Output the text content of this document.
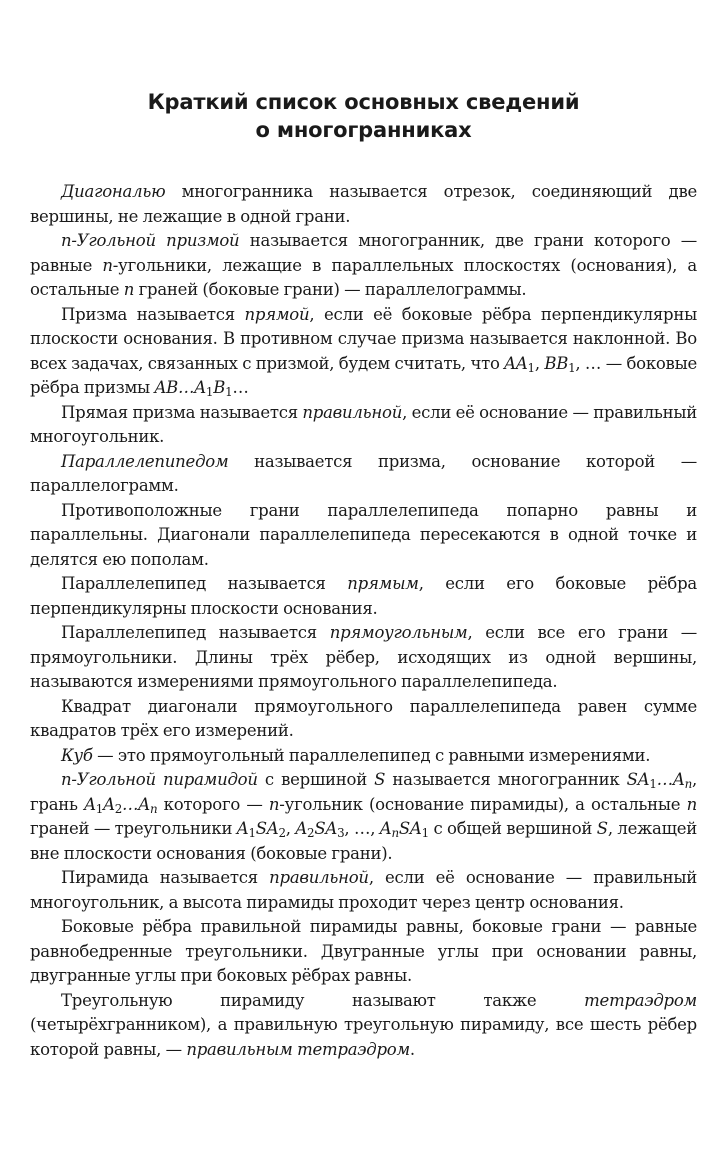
Краткий список основных сведений
о многогранниках

Диагональю многогранника называется отрезок, соединяющий две вершины, не лежащие в одной грани.

n-Угольной призмой называется многогранник, две грани которого — равные n-угольники, лежащие в параллельных плоскостях (основания), а остальные n граней (боковые грани) — параллелограммы.

Призма называется прямой, если её боковые рёбра перпендикулярны плоскости основания. В противном случае призма называется наклонной. Во всех задачах, связанных с призмой, будем считать, что $AA_1$, $BB_1$, … — боковые рёбра призмы $AB\dots A_1B_1\dots$

Прямая призма называется правильной, если её основание — правильный многоугольник.

Параллелепипедом называется призма, основание которой — параллелограмм.

Противоположные грани параллелепипеда попарно равны и параллельны. Диагонали параллелепипеда пересекаются в одной точке и делятся ею пополам.

Параллелепипед называется прямым, если его боковые рёбра перпендикулярны плоскости основания.

Параллелепипед называется прямоугольным, если все его грани — прямоугольники. Длины трёх рёбер, исходящих из одной вершины, называются измерениями прямоугольного параллелепипеда.

Квадрат диагонали прямоугольного параллелепипеда равен сумме квадратов трёх его измерений.

Куб — это прямоугольный параллелепипед с равными измерениями.

n-Угольной пирамидой с вершиной S называется многогранник $SA_1\dots A_n$, грань $A_1A_2\dots A_n$ которого — n-угольник (основание пирамиды), а остальные n граней — треугольники $A_1SA_2$, $A_2SA_3$, …, $A_nSA_1$ с общей вершиной S, лежащей вне плоскости основания (боковые грани).

Пирамида называется правильной, если её основание — правильный многоугольник, а высота пирамиды проходит через центр основания.

Боковые рёбра правильной пирамиды равны, боковые грани — равные равнобедренные треугольники. Двугранные углы при основании равны, двугранные углы при боковых рёбрах равны.

Треугольную пирамиду называют также тетраэдром (четырёхгранником), а правильную треугольную пирамиду, все шесть рёбер которой равны, — правильным тетраэдром.
